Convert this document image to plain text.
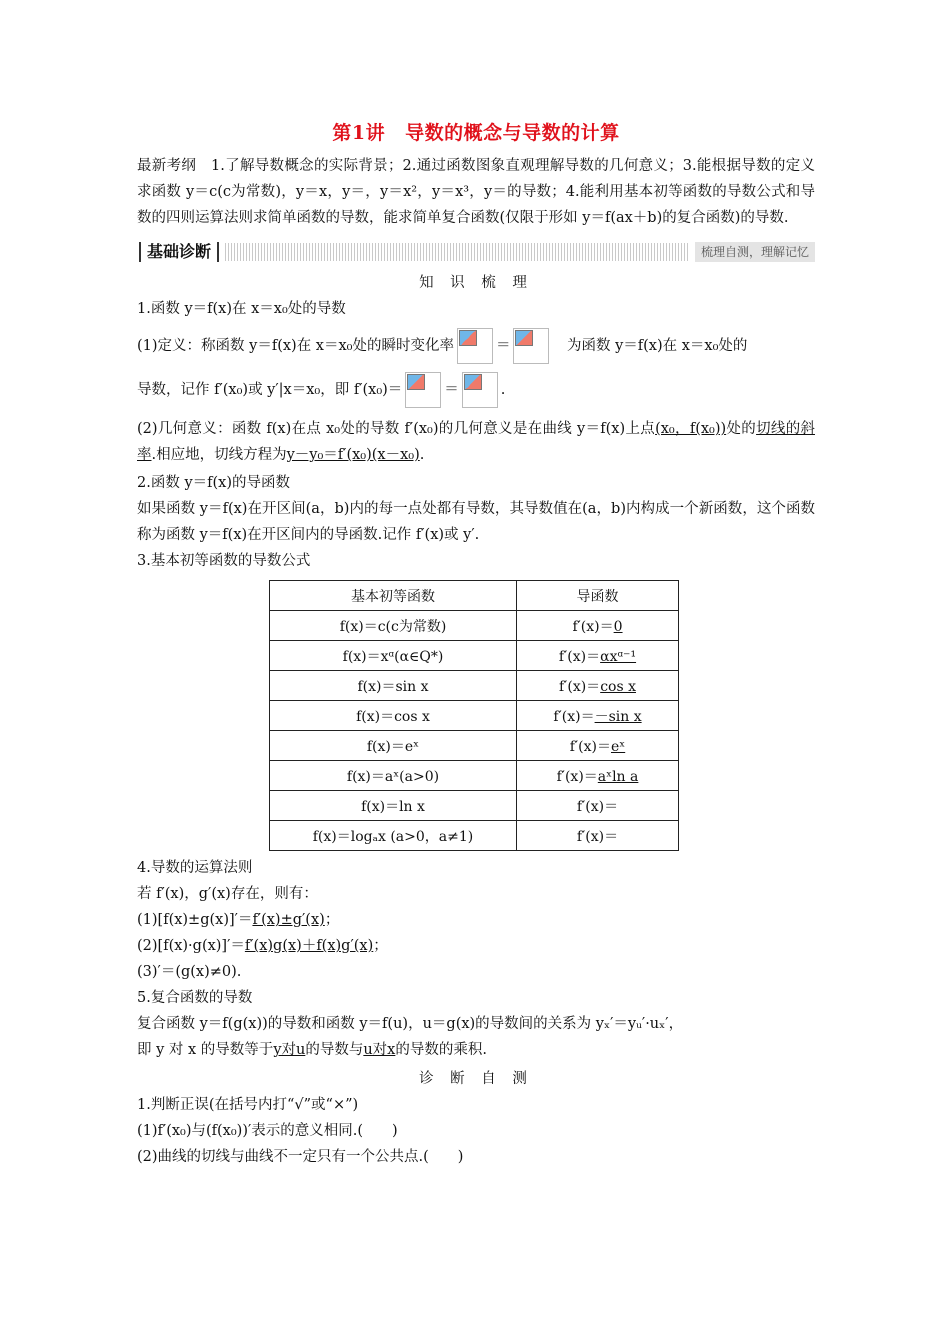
第1讲 导数的概念与导数的计算

最新考纲　1.了解导数概念的实际背景；2.通过函数图象直观理解导数的几何意义；3.能根据导数的定义求函数 y＝c(c为常数)，y＝x，y＝，y＝x²，y＝x³，y＝的导数；4.能利用基本初等函数的导数公式和导数的四则运算法则求简单函数的导数，能求简单复合函数(仅限于形如 y＝f(ax＋b)的复合函数)的导数.

基础诊断	梳理自测，理解记忆
知 识 梳 理

1.函数 y＝f(x)在 x＝x₀处的导数

(1)定义：称函数 y＝f(x)在 x＝x₀处的瞬时变化率	＝	　为函数 y＝f(x)在 x＝x₀处的

导数，记作 f′(x₀)或 y′|x＝x₀，即 f′(x₀)＝	＝	.

(2)几何意义：函数 f(x)在点 x₀处的导数 f′(x₀)的几何意义是在曲线 y＝f(x)上点(x₀，f(x₀))处的切线的斜率.相应地，切线方程为y－y₀＝f′(x₀)(x－x₀).

2.函数 y＝f(x)的导函数

如果函数 y＝f(x)在开区间(a，b)内的每一点处都有导数，其导数值在(a，b)内构成一个新函数，这个函数称为函数 y＝f(x)在开区间内的导函数.记作 f′(x)或 y′.

3.基本初等函数的导数公式

基本初等函数	导函数
f(x)＝c(c为常数)	f′(x)＝0
f(x)＝xᵅ(α∈Q*)	f′(x)＝αxᵅ⁻¹
f(x)＝sin x	f′(x)＝cos x
f(x)＝cos x	f′(x)＝－sin x
f(x)＝eˣ	f′(x)＝eˣ
f(x)＝aˣ(a>0)	f′(x)＝aˣln a
f(x)＝ln x	f′(x)＝
f(x)＝logₐx (a>0，a≠1)	f′(x)＝

4.导数的运算法则

若 f′(x)，g′(x)存在，则有：

(1)[f(x)±g(x)]′＝f′(x)±g′(x)；

(2)[f(x)·g(x)]′＝f′(x)g(x)＋f(x)g′(x)；

(3)′＝(g(x)≠0).

5.复合函数的导数

复合函数 y＝f(g(x))的导数和函数 y＝f(u)，u＝g(x)的导数间的关系为 yₓ′＝yᵤ′·uₓ′，

即 y 对 x 的导数等于y对u的导数与u对x的导数的乘积.

诊 断 自 测

1.判断正误(在括号内打“√”或“×”)

(1)f′(x₀)与(f(x₀))′表示的意义相同.(　　)

(2)曲线的切线与曲线不一定只有一个公共点.(　　)
